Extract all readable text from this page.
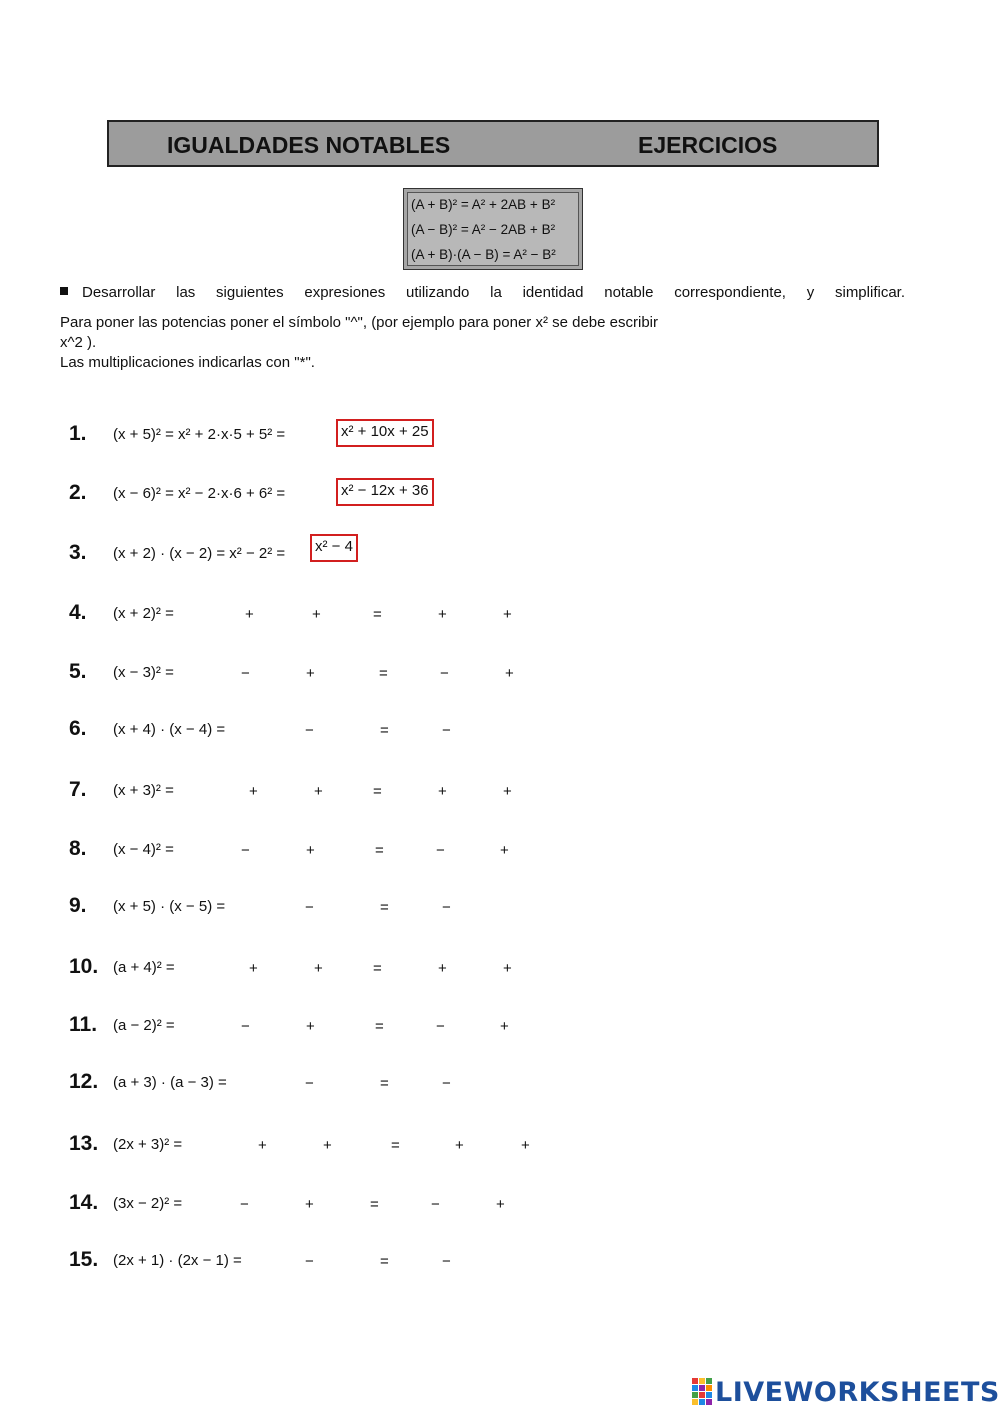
IGUALDADES NOTABLES	EJERCICIOS
(A + B)² = A² + 2AB + B²
(A − B)² = A² − 2AB + B²
(A + B)·(A − B) = A² − B²
Desarrollar las siguientes expresiones utilizando la identidad notable correspondiente, y simplificar.
Para poner las potencias poner el símbolo "^", (por ejemplo para poner x² se debe escribir
x^2 ).
Las multiplicaciones indicarlas con "*".
1. (x + 5)² = x² + 2·x·5 + 5² =	x² + 10x + 25
2. (x − 6)² = x² − 2·x·6 + 6² =	x² − 12x + 36
3. (x + 2) · (x − 2) = x² − 2² =	x² − 4
4. (x + 2)² =	+	+	=	+	+
5. (x − 3)² =	−	+	=	−	+
6. (x + 4) · (x − 4) =	−	=	−
7. (x + 3)² =	+	+	=	+	+
8. (x − 4)² =	−	+	=	−	+
9. (x + 5) · (x − 5) =	−	=	−
10. (a + 4)² =	+	+	=	+	+
11. (a − 2)² =	−	+	=	−	+
12. (a + 3) · (a − 3) =	−	=	−
13. (2x + 3)² =	+	+	=	+	+
14. (3x − 2)² =	−	+	=	−	+
15. (2x + 1) · (2x − 1) =	−	=	−
LIVEWORKSHEETS
